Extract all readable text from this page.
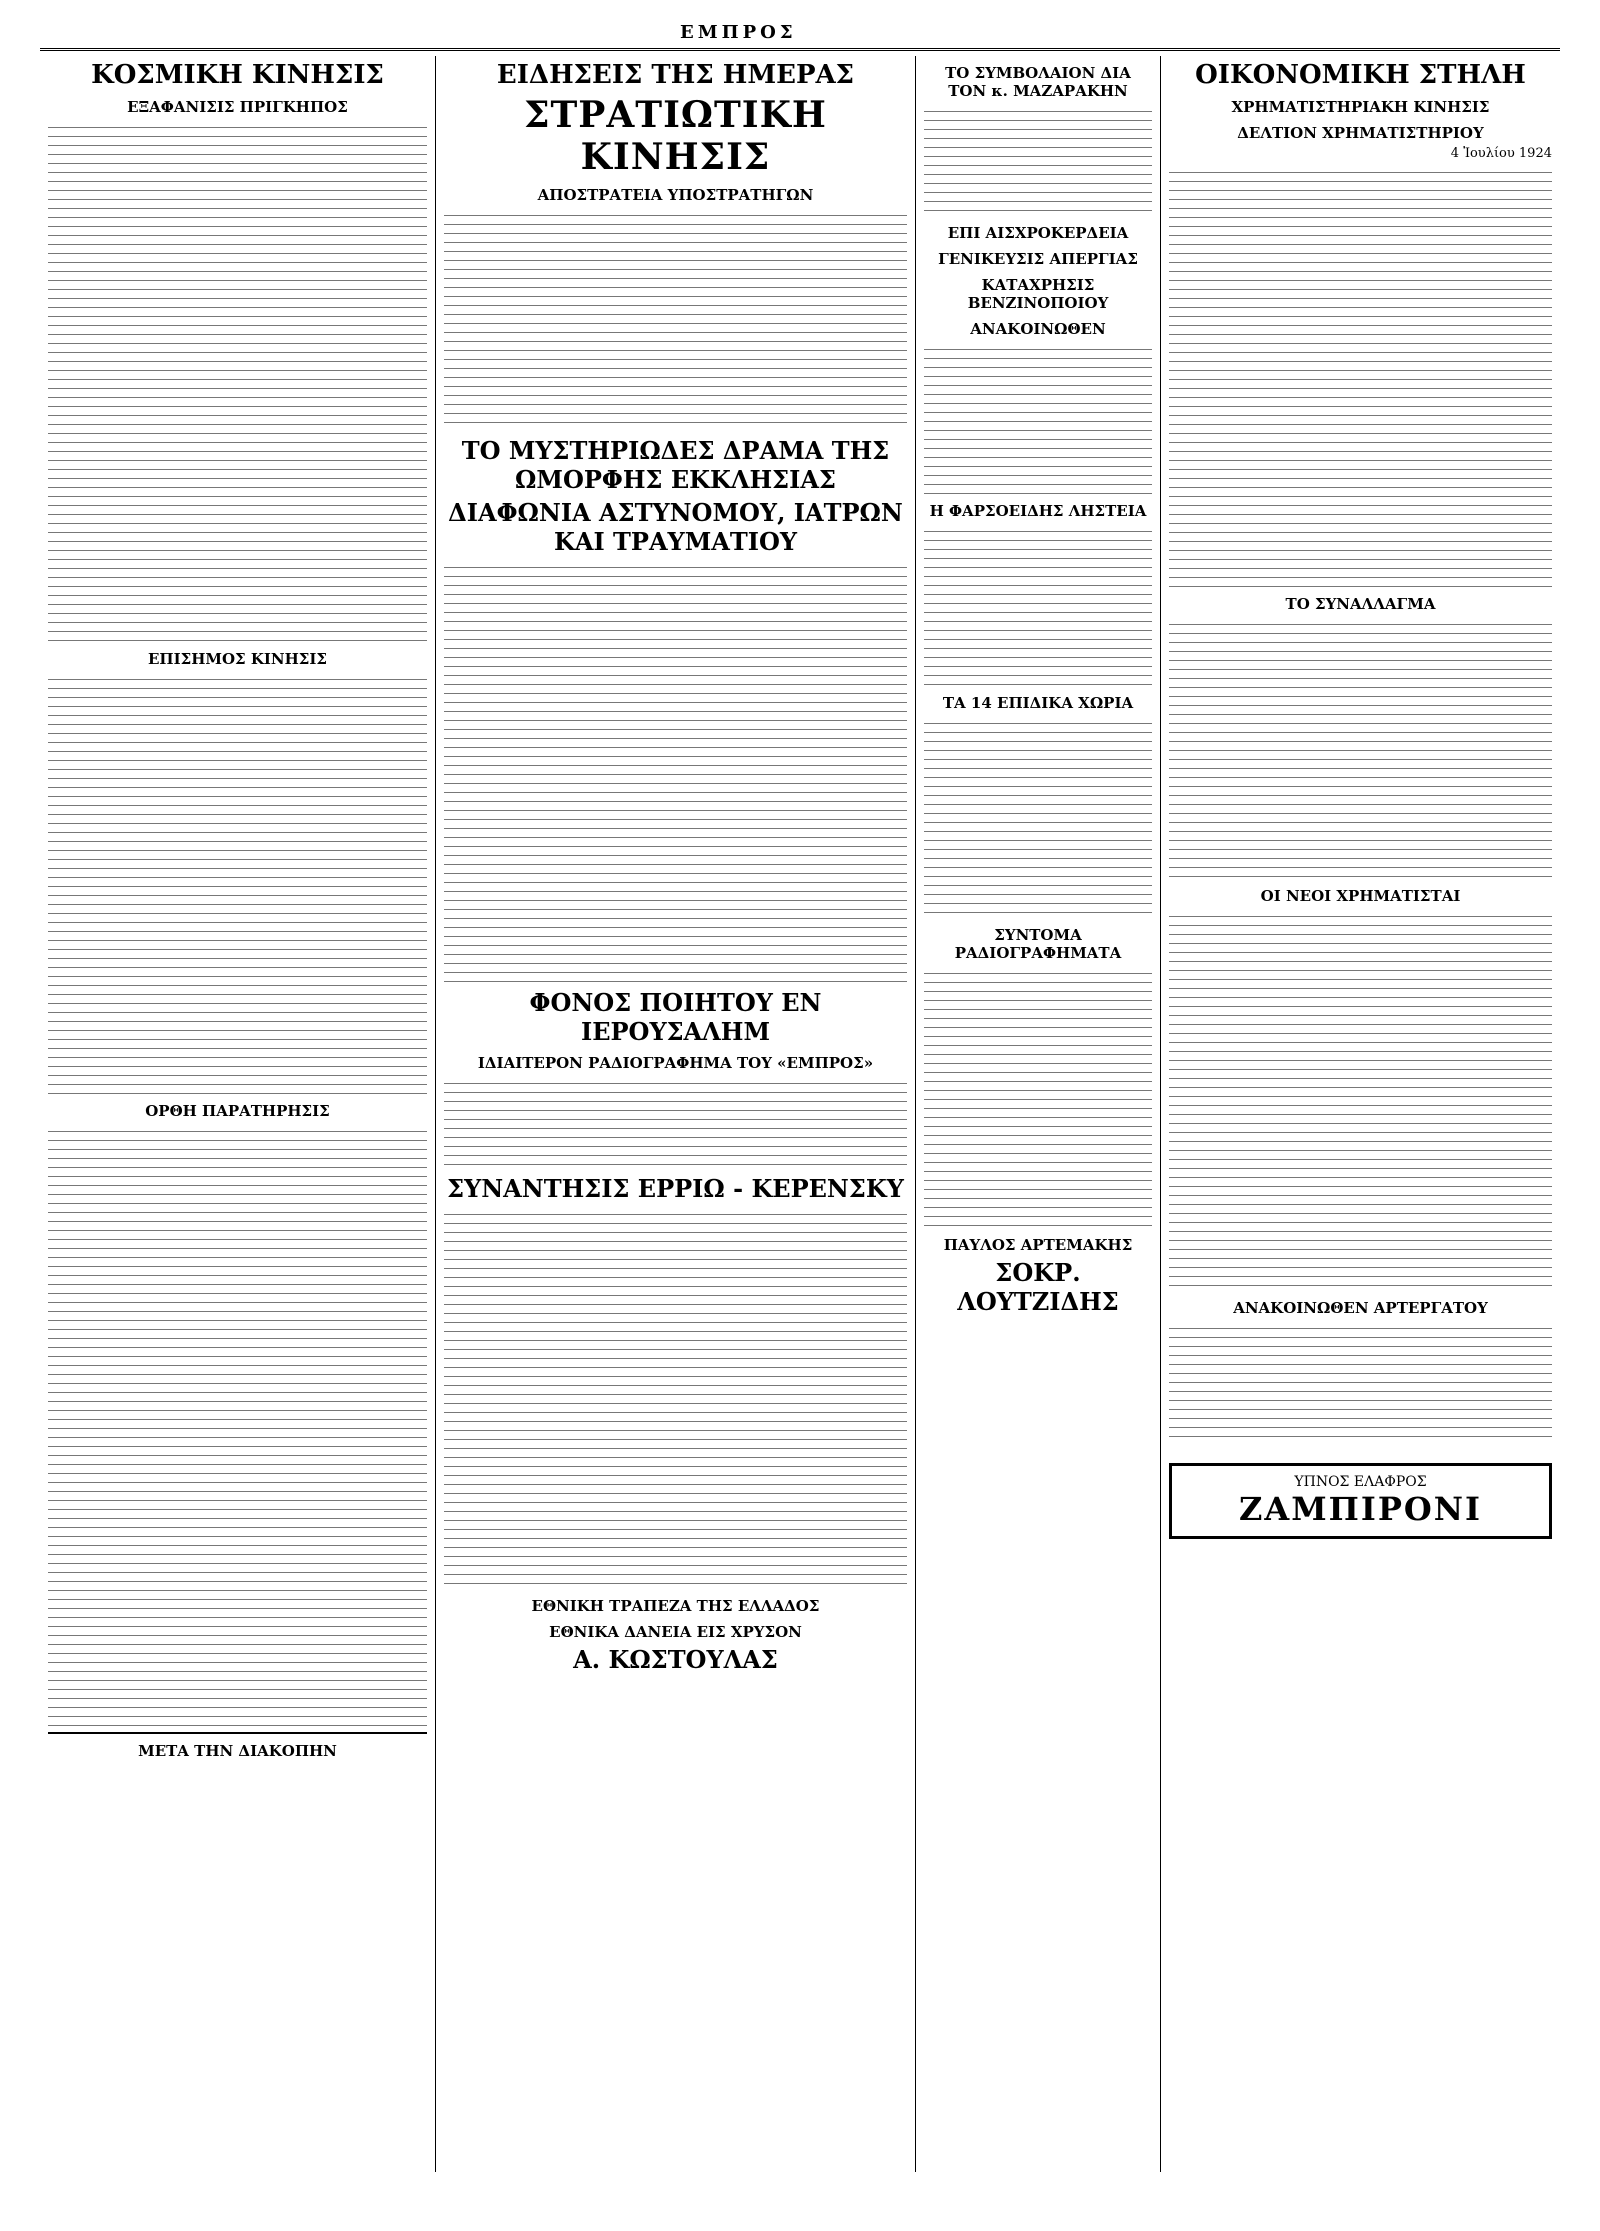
ΕΜΠΡΟΣ
ΚΟΣΜΙΚΗ ΚΙΝΗΣΙΣ
ΕΞΑΦΑΝΙΣΙΣ ΠΡΙΓΚΗΠΟΣ
ΕΠΙΣΗΜΟΣ ΚΙΝΗΣΙΣ
ΟΡΘΗ ΠΑΡΑΤΗΡΗΣΙΣ
ΜΕΤΑ ΤΗΝ ΔΙΑΚΟΠΗΝ
ΕΙΔΗΣΕΙΣ ΤΗΣ ΗΜΕΡΑΣ
ΣΤΡΑΤΙΩΤΙΚΗ ΚΙΝΗΣΙΣ
ΑΠΟΣΤΡΑΤΕΙΑ ΥΠΟΣΤΡΑΤΗΓΩΝ
ΤΟ ΜΥΣΤΗΡΙΩΔΕΣ ΔΡΑΜΑ ΤΗΣ ΩΜΟΡΦΗΣ ΕΚΚΛΗΣΙΑΣ
ΔΙΑΦΩΝΙΑ ΑΣΤΥΝΟΜΟΥ, ΙΑΤΡΩΝ ΚΑΙ ΤΡΑΥΜΑΤΙΟΥ
ΦΟΝΟΣ ΠΟΙΗΤΟΥ ΕΝ ΙΕΡΟΥΣΑΛΗΜ
ΙΔΙΑΙΤΕΡΟΝ ΡΑΔΙΟΓΡΑΦΗΜΑ ΤΟΥ «ΕΜΠΡΟΣ»
ΣΥΝΑΝΤΗΣΙΣ ΕΡΡΙΩ - ΚΕΡΕΝΣΚΥ
ΕΘΝΙΚΗ ΤΡΑΠΕΖΑ ΤΗΣ ΕΛΛΑΔΟΣ
ΕΘΝΙΚΑ ΔΑΝΕΙΑ ΕΙΣ ΧΡΥΣΟΝ
Α. ΚΩΣΤΟΥΛΑΣ
ΤΟ ΣΥΜΒΟΛΑΙΟΝ ΔΙΑ ΤΟΝ κ. ΜΑΖΑΡΑΚΗΝ
ΕΠΙ ΑΙΣΧΡΟΚΕΡΔΕΙΑ
ΓΕΝΙΚΕΥΣΙΣ ΑΠΕΡΓΙΑΣ
ΚΑΤΑΧΡΗΣΙΣ ΒΕΝΖΙΝΟΠΟΙΟΥ
ΑΝΑΚΟΙΝΩΘΕΝ
Η ΦΑΡΣΟΕΙΔΗΣ ΛΗΣΤΕΙΑ
ΤΑ 14 ΕΠΙΔΙΚΑ ΧΩΡΙΑ
ΣΥΝΤΟΜΑ ΡΑΔΙΟΓΡΑΦΗΜΑΤΑ
ΠΑΥΛΟΣ ΑΡΤΕΜΑΚΗΣ
ΣΟΚΡ. ΛΟΥΤΖΙΔΗΣ
ΟΙΚΟΝΟΜΙΚΗ ΣΤΗΛΗ
ΧΡΗΜΑΤΙΣΤΗΡΙΑΚΗ ΚΙΝΗΣΙΣ
ΔΕΛΤΙΟΝ ΧΡΗΜΑΤΙΣΤΗΡΙΟΥ
4 Ἰουλίου 1924
ΤΟ ΣΥΝΑΛΛΑΓΜΑ
ΟΙ ΝΕΟΙ ΧΡΗΜΑΤΙΣΤΑΙ
ΑΝΑΚΟΙΝΩΘΕΝ ΑΡΤΕΡΓΑΤΟΥ
ΥΠΝΟΣ ΕΛΑΦΡΟΣ
ΖΑΜΠΙΡΟΝΙ
